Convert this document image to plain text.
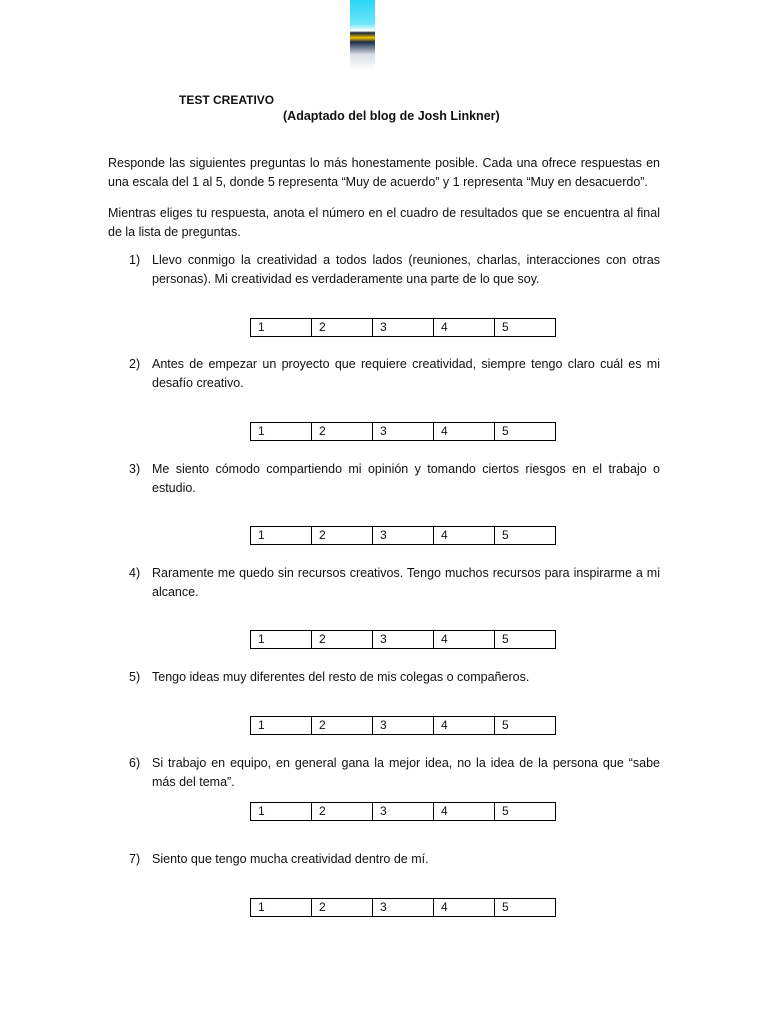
TEST CREATIVO
(Adaptado del blog de Josh Linkner)

Responde las siguientes preguntas lo más honestamente posible. Cada una ofrece respuestas en una escala del 1 al 5, donde 5 representa “Muy de acuerdo” y 1 representa “Muy en desacuerdo”.

Mientras eliges tu respuesta, anota el número en el cuadro de resultados que se encuentra al final de la lista de preguntas.

1) Llevo conmigo la creatividad a todos lados (reuniones, charlas, interacciones con otras personas). Mi creatividad es verdaderamente una parte de lo que soy.
1	2	3	4	5
2) Antes de empezar un proyecto que requiere creatividad, siempre tengo claro cuál es mi desafío creativo.
1	2	3	4	5
3) Me siento cómodo compartiendo mi opinión y tomando ciertos riesgos en el trabajo o estudio.
1	2	3	4	5
4) Raramente me quedo sin recursos creativos. Tengo muchos recursos para inspirarme a mi alcance.
1	2	3	4	5
5) Tengo ideas muy diferentes del resto de mis colegas o compañeros.
1	2	3	4	5
6) Si trabajo en equipo, en general gana la mejor idea, no la idea de la persona que “sabe más del tema”.
1	2	3	4	5
7) Siento que tengo mucha creatividad dentro de mí.
1	2	3	4	5
